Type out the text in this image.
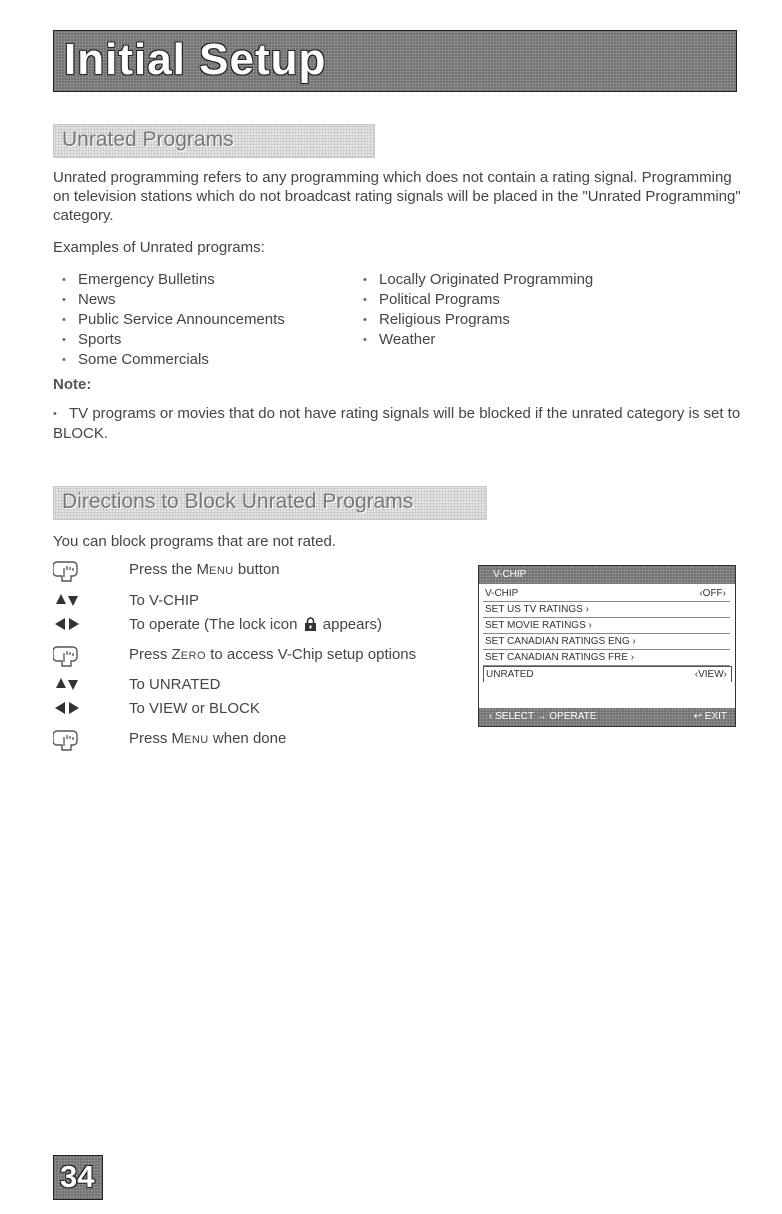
Initial Setup
Unrated Programs

Unrated programming refers to any programming which does not contain a rating signal. Programming on television stations which do not broadcast rating signals will be placed in the "Unrated Programming" category.

Examples of Unrated programs:

• Emergency Bulletins
• News
• Public Service Announcements
• Sports
• Some Commercials
• Locally Originated Programming
• Political Programs
• Religious Programs
• Weather
Note:
• TV programs or movies that do not have rating signals will be blocked if the unrated category is set to BLOCK.
Directions to Block Unrated Programs

You can block programs that are not rated.

Press the MENU button
To V-CHIP
To operate (The lock icon  appears)
Press ZERO to access V-Chip setup options
To UNRATED
To VIEW or BLOCK
Press MENU when done
V-CHIP
V-CHIP	‹OFF›
SET US TV RATINGS ›
SET MOVIE RATINGS ›
SET CANADIAN RATINGS ENG ›
SET CANADIAN RATINGS FRE ›
UNRATED	‹VIEW›
‹ SELECT → OPERATE	↩ EXIT
34
